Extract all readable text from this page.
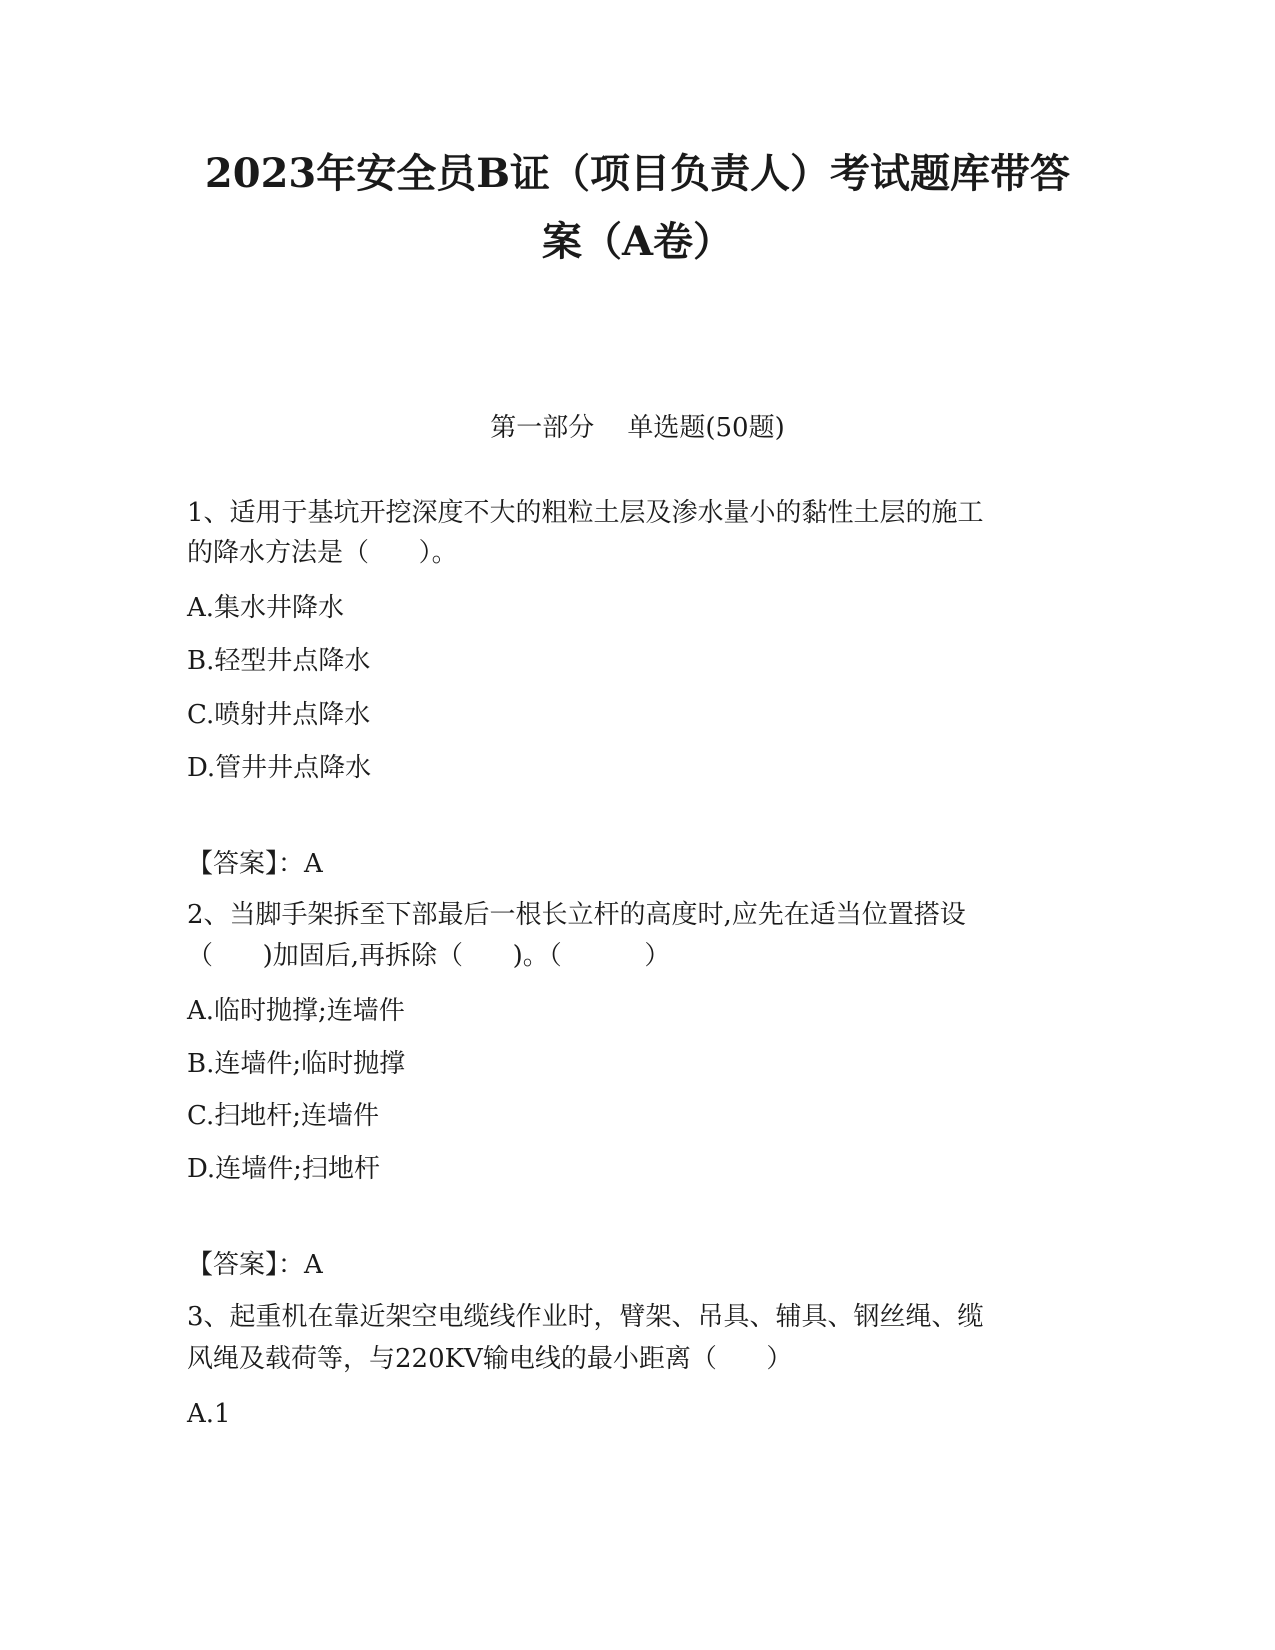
2023年安全员B证（项目负责人）考试题库带答
案（A卷）
第一部分    单选题(50题)
1、适用于基坑开挖深度不大的粗粒土层及渗水量小的黏性土层的施工
的降水方法是（      ）。
A.集水井降水
B.轻型井点降水
C.喷射井点降水
D.管井井点降水
【答案】：A
2、当脚手架拆至下部最后一根长立杆的高度时,应先在适当位置搭设
（      )加固后,再拆除（      )。（          ）
A.临时抛撑;连墙件
B.连墙件;临时抛撑
C.扫地杆;连墙件
D.连墙件;扫地杆
【答案】：A
3、起重机在靠近架空电缆线作业时，臂架、吊具、辅具、钢丝绳、缆
风绳及载荷等，与220KV输电线的最小距离（      ）
A.1
